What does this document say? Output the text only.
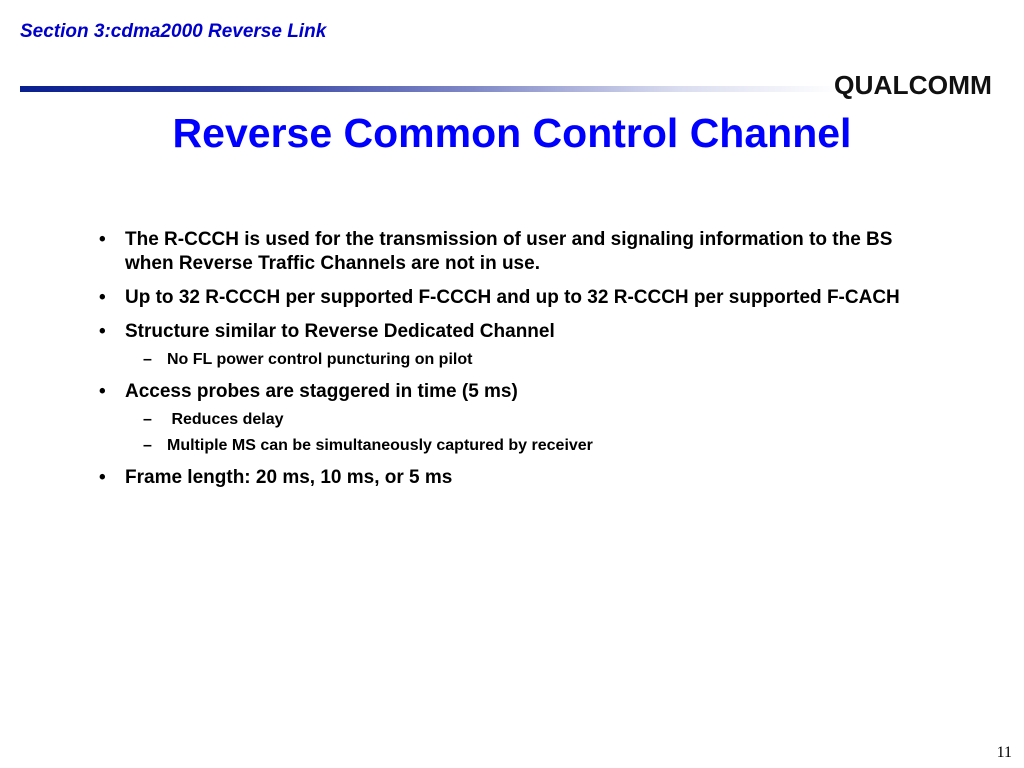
Section 3:cdma2000 Reverse Link
QUALCOMM
Reverse Common Control Channel
• The R-CCCH is used for the transmission of user and signaling information to the BS when Reverse Traffic Channels are not in use.
• Up to 32 R-CCCH per supported F-CCCH and up to 32 R-CCCH per supported F-CACH
• Structure similar to Reverse Dedicated Channel
– No FL power control puncturing on pilot
• Access probes are staggered in time (5 ms)
– Reduces delay
– Multiple MS can be simultaneously captured by receiver
• Frame length: 20 ms, 10 ms, or 5 ms
11
